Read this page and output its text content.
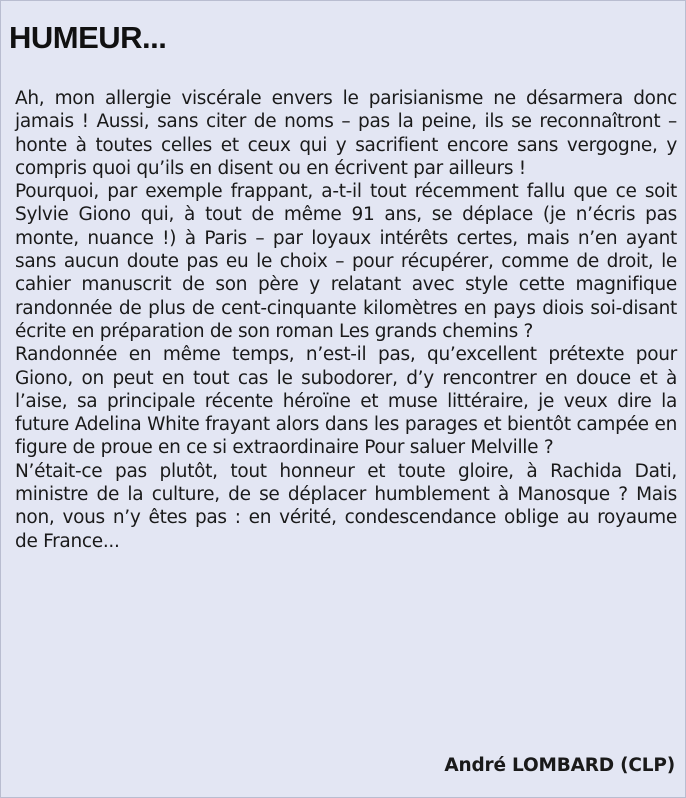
HUMEUR...

Ah, mon allergie viscérale envers le parisianisme ne désarmera donc jamais ! Aussi, sans citer de noms – pas la peine, ils se reconnaîtront – honte à toutes celles et ceux qui y sacrifient encore sans vergogne, y compris quoi qu’ils en disent ou en écrivent par ailleurs !

Pourquoi, par exemple frappant, a-t-il tout récemment fallu que ce soit Sylvie Giono qui, à tout de même 91 ans, se déplace (je n’écris pas monte, nuance !) à Paris – par loyaux intérêts certes, mais n’en ayant sans aucun doute pas eu le choix – pour récupérer, comme de droit, le cahier manuscrit de son père y relatant avec style cette magnifique randonnée de plus de cent-cinquante kilomètres en pays diois soi-disant écrite en préparation de son roman Les grands chemins ?

Randonnée en même temps, n’est-il pas, qu’excellent prétexte pour Giono, on peut en tout cas le subodorer, d’y rencontrer en douce et à l’aise, sa principale récente héroïne et muse littéraire, je veux dire la future Adelina White frayant alors dans les parages et bientôt campée en figure de proue en ce si extraordinaire Pour saluer Melville ?

N’était-ce pas plutôt, tout honneur et toute gloire, à Rachida Dati, ministre de la culture, de se déplacer humblement à Manosque ? Mais non, vous n’y êtes pas : en vérité, condescendance oblige au royaume de France...

André LOMBARD (CLP)
